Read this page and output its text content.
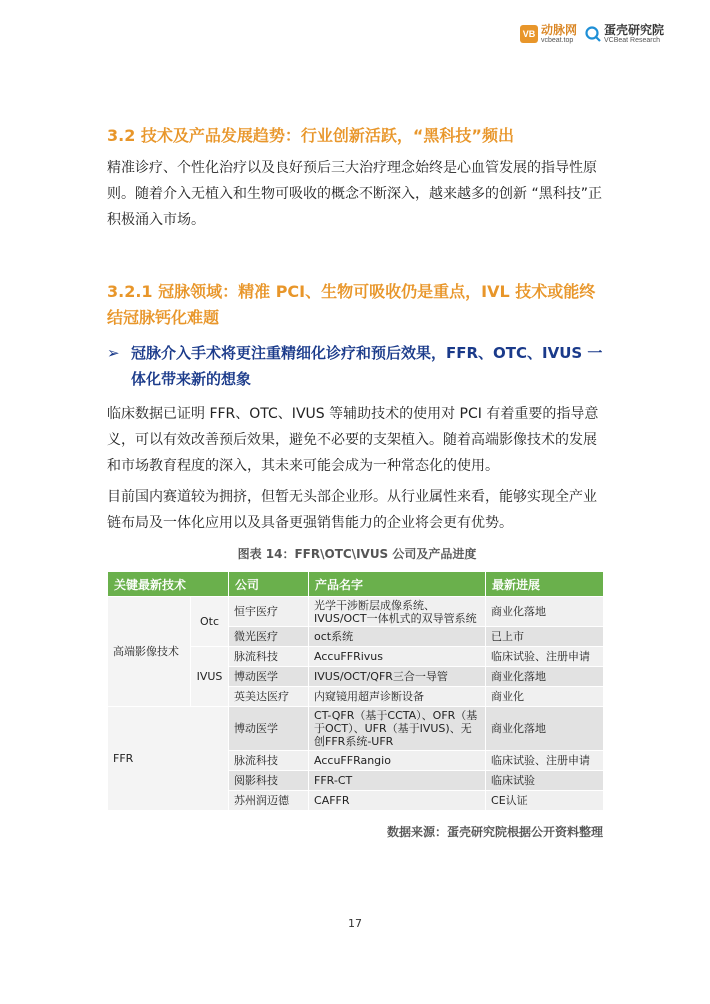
VB 动脉网
vcbeat.top
蛋壳研究院
VCBeat Research
3.2 技术及产品发展趋势：行业创新活跃，“黑科技”频出

精准诊疗、个性化治疗以及良好预后三大治疗理念始终是心血管发展的指导性原则。随着介入无植入和生物可吸收的概念不断深入，越来越多的创新 “黑科技”正积极涌入市场。

3.2.1 冠脉领域：精准 PCI、生物可吸收仍是重点，IVL 技术或能终结冠脉钙化难题

➢ 冠脉介入手术将更注重精细化诊疗和预后效果，FFR、OTC、IVUS 一体化带来新的想象

临床数据已证明 FFR、OTC、IVUS 等辅助技术的使用对 PCI 有着重要的指导意义，可以有效改善预后效果，避免不必要的支架植入。随着高端影像技术的发展和市场教育程度的深入，其未来可能会成为一种常态化的使用。

目前国内赛道较为拥挤，但暂无头部企业形。从行业属性来看，能够实现全产业链布局及一体化应用以及具备更强销售能力的企业将会更有优势。

图表 14：FFR\OTC\IVUS 公司及产品进度
关键最新技术		公司	产品名字	最新进展
高端影像技术	Otc	恒宇医疗	光学干涉断层成像系统、IVUS/OCT一体机式的双导管系统	商业化落地
		微光医疗	oct系统	已上市
	IVUS	脉流科技	AccuFFRivus	临床试验、注册申请
		博动医学	IVUS/OCT/QFR三合一导管	商业化落地
		英美达医疗	内窥镜用超声诊断设备	商业化
FFR		博动医学	CT-QFR（基于CCTA）、OFR（基于OCT）、UFR（基于IVUS)、无创FFR系统-UFR	商业化落地
		脉流科技	AccuFFRangio	临床试验、注册申请
		阅影科技	FFR-CT	临床试验
		苏州润迈德	CAFFR	CE认证
数据来源：蛋壳研究院根据公开资料整理
17
